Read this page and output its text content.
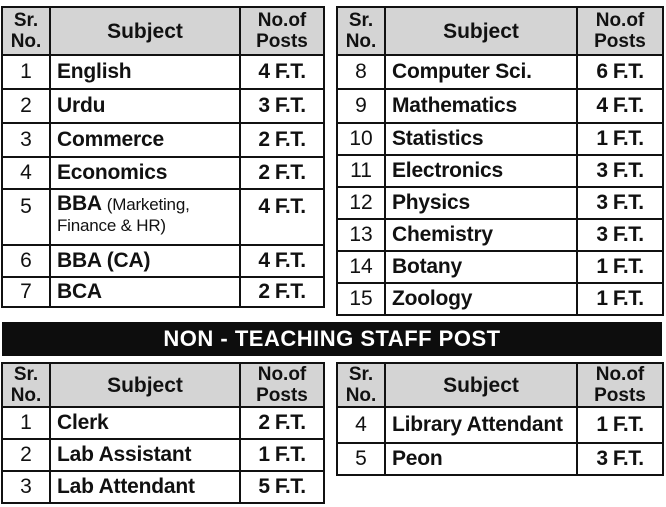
Sr.
No.	Subject	No.of
Posts

1	English	4 F.T.
2	Urdu	3 F.T.
3	Commerce	2 F.T.
4	Economics	2 F.T.
5	BBA (Marketing,
Finance & HR)	4 F.T.
6	BBA (CA)	4 F.T.
7	BCA	2 F.T.
Sr.
No.	Subject	No.of
Posts

8	Computer Sci.	6 F.T.
9	Mathematics	4 F.T.
10	Statistics	1 F.T.
11	Electronics	3 F.T.
12	Physics	3 F.T.
13	Chemistry	3 F.T.
14	Botany	1 F.T.
15	Zoology	1 F.T.
NON - TEACHING STAFF POST
Sr.
No.	Subject	No.of
Posts

1	Clerk	2 F.T.
2	Lab Assistant	1 F.T.
3	Lab Attendant	5 F.T.
Sr.
No.	Subject	No.of
Posts

4	Library Attendant	1 F.T.
5	Peon	3 F.T.
